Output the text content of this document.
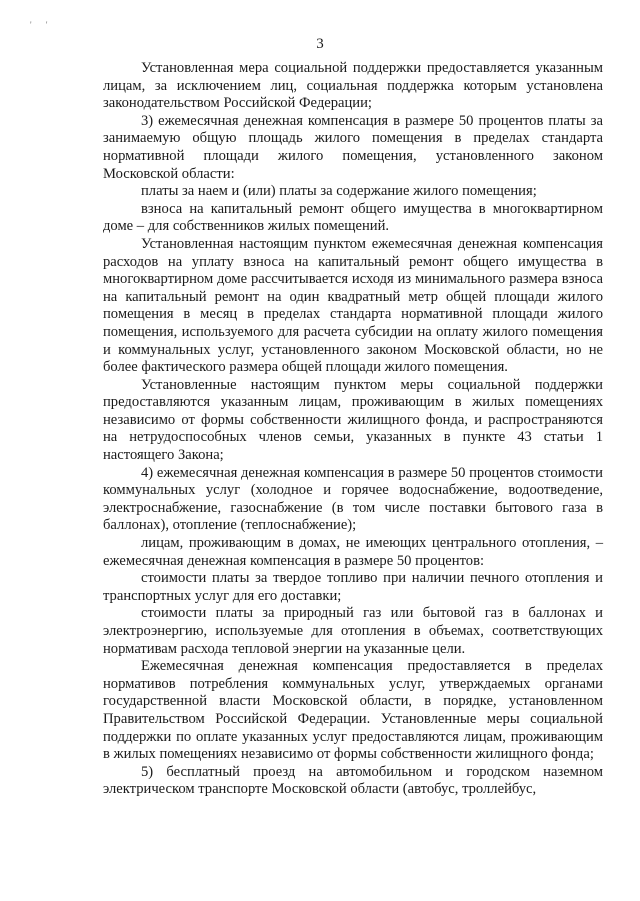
' '
3

Установленная мера социальной поддержки предоставляется указанным лицам, за исключением лиц, социальная поддержка которым установлена законодательством Российской Федерации;

3) ежемесячная денежная компенсация в размере 50 процентов платы за занимаемую общую площадь жилого помещения в пределах стандарта нормативной площади жилого помещения, установленного законом Московской области:

платы за наем и (или) платы за содержание жилого помещения;

взноса на капитальный ремонт общего имущества в многоквартирном доме – для собственников жилых помещений.

Установленная настоящим пунктом ежемесячная денежная компенсация расходов на уплату взноса на капитальный ремонт общего имущества в многоквартирном доме рассчитывается исходя из минимального размера взноса на капитальный ремонт на один квадратный метр общей площади жилого помещения в месяц в пределах стандарта нормативной площади жилого помещения, используемого для расчета субсидии на оплату жилого помещения и коммунальных услуг, установленного законом Московской области, но не более фактического размера общей площади жилого помещения.

Установленные настоящим пунктом меры социальной поддержки предоставляются указанным лицам, проживающим в жилых помещениях независимо от формы собственности жилищного фонда, и распространяются на нетрудоспособных членов семьи, указанных в пункте 43 статьи 1 настоящего Закона;

4) ежемесячная денежная компенсация в размере 50 процентов стоимости коммунальных услуг (холодное и горячее водоснабжение, водоотведение, электроснабжение, газоснабжение (в том числе поставки бытового газа в баллонах), отопление (теплоснабжение);

лицам, проживающим в домах, не имеющих центрального отопления, – ежемесячная денежная компенсация в размере 50 процентов:

стоимости платы за твердое топливо при наличии печного отопления и транспортных услуг для его доставки;

стоимости платы за природный газ или бытовой газ в баллонах и электроэнергию, используемые для отопления в объемах, соответствующих нормативам расхода тепловой энергии на указанные цели.

Ежемесячная денежная компенсация предоставляется в пределах нормативов потребления коммунальных услуг, утверждаемых органами государственной власти Московской области, в порядке, установленном Правительством Российской Федерации. Установленные меры социальной поддержки по оплате указанных услуг предоставляются лицам, проживающим в жилых помещениях независимо от формы собственности жилищного фонда;

5) бесплатный проезд на автомобильном и городском наземном электрическом транспорте Московской области (автобус, троллейбус,
